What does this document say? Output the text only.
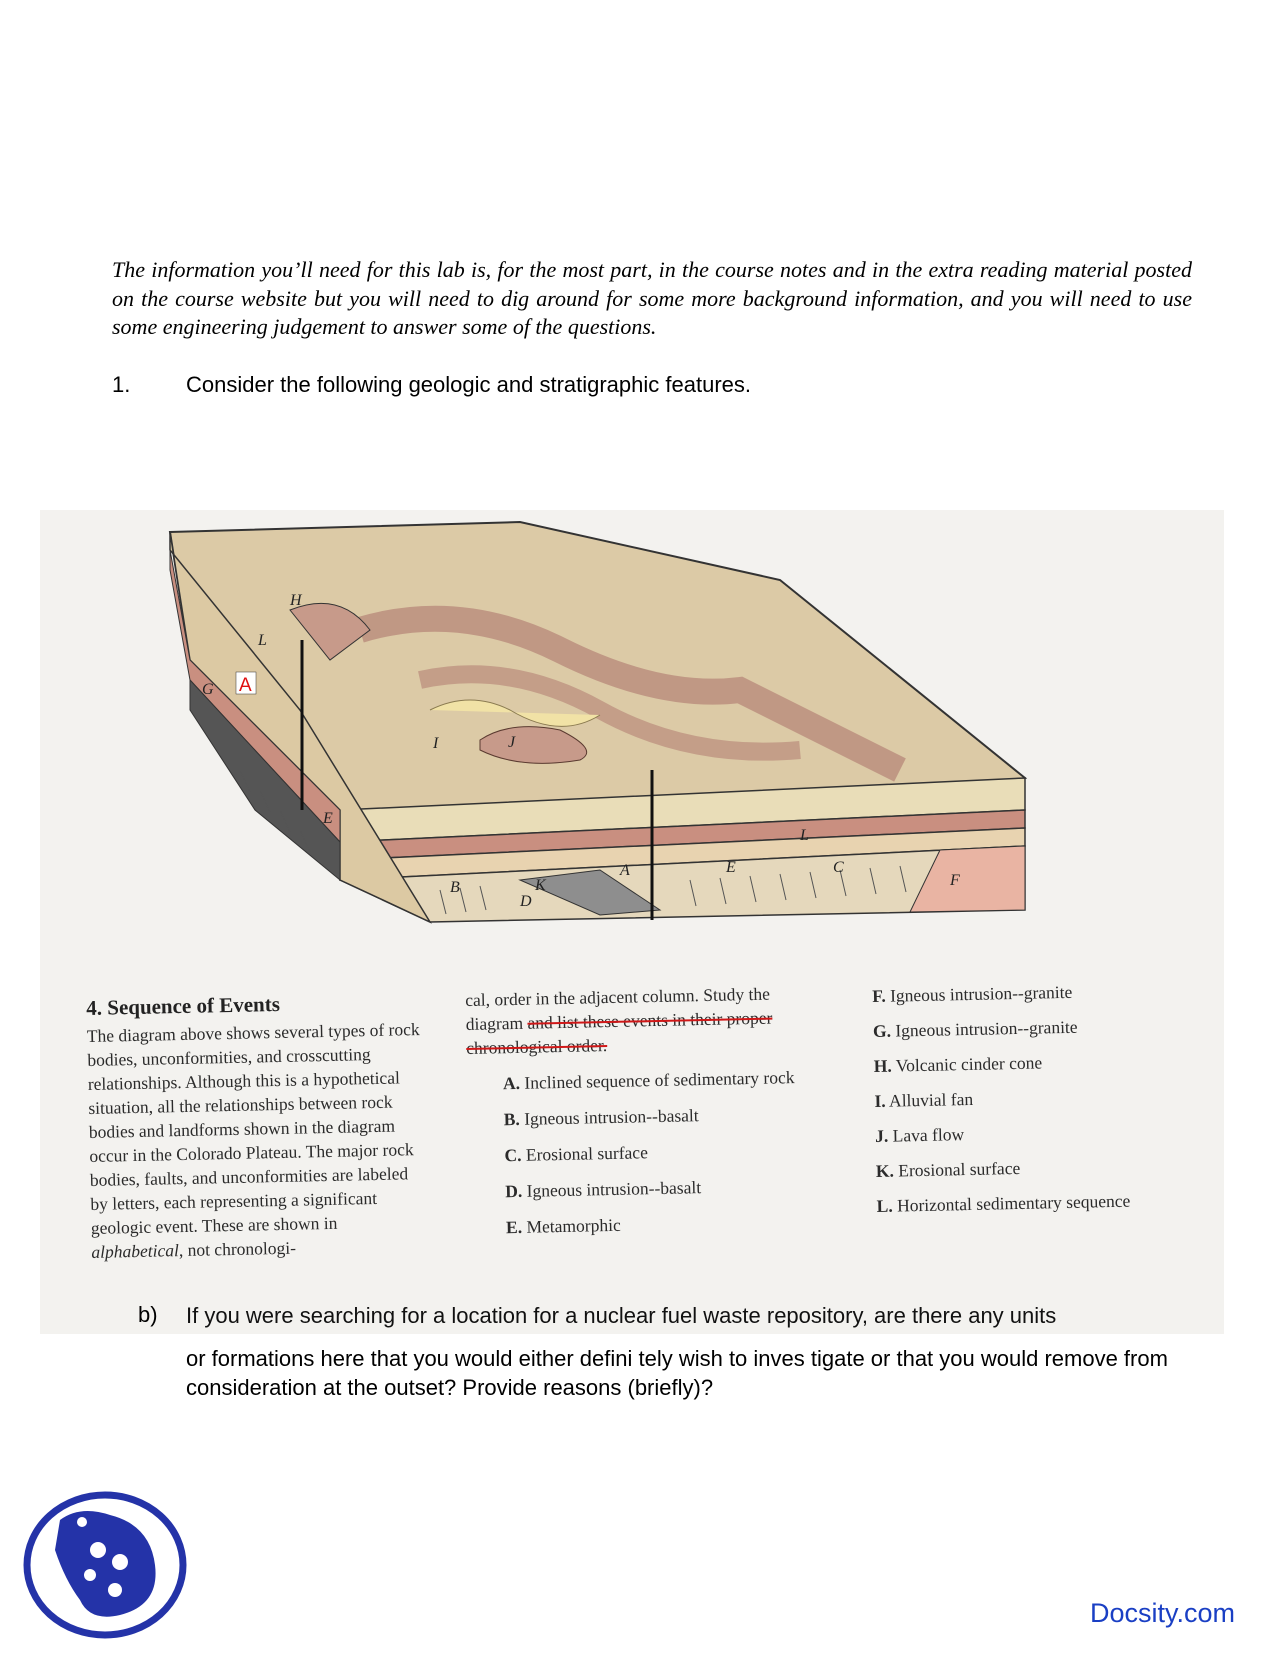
The information you’ll need for this lab is, for the most part, in the course notes and in the extra reading material posted on the course website but you will need to dig around for some more background information, and you will need to use some engineering judgement to answer some of the questions.

1.	Consider the following geologic and stratigraphic features.
H
L
G
E
I	J
L
C
E
A
K
B
D
F
A
4. Sequence of Events
The diagram above shows several types of rock bodies, unconformities, and crosscutting relationships. Although this is a hypothetical situation, all the relationships between rock bodies and landforms shown in the diagram occur in the Colorado Plateau. The major rock bodies, faults, and unconformities are labeled by letters, each representing a significant geologic event. These are shown in alphabetical, not chronologi-
cal, order in the adjacent column. Study the diagram and list these events in their proper chronological order.
A. Inclined sequence of sedimentary rock
B. Igneous intrusion--basalt
C. Erosional surface
D. Igneous intrusion--basalt
E. Metamorphic
F. Igneous intrusion--granite
G. Igneous intrusion--granite
H. Volcanic cinder cone
I. Alluvial fan
J. Lava flow
K. Erosional surface
L. Horizontal sedimentary sequence
b) If you were searching for a location for a nuclear fuel waste repository, are there any units

or formations here that you would either defini tely wish to inves tigate or that you would remove from consideration at the outset? Provide reasons (briefly)?

Docsity.com
